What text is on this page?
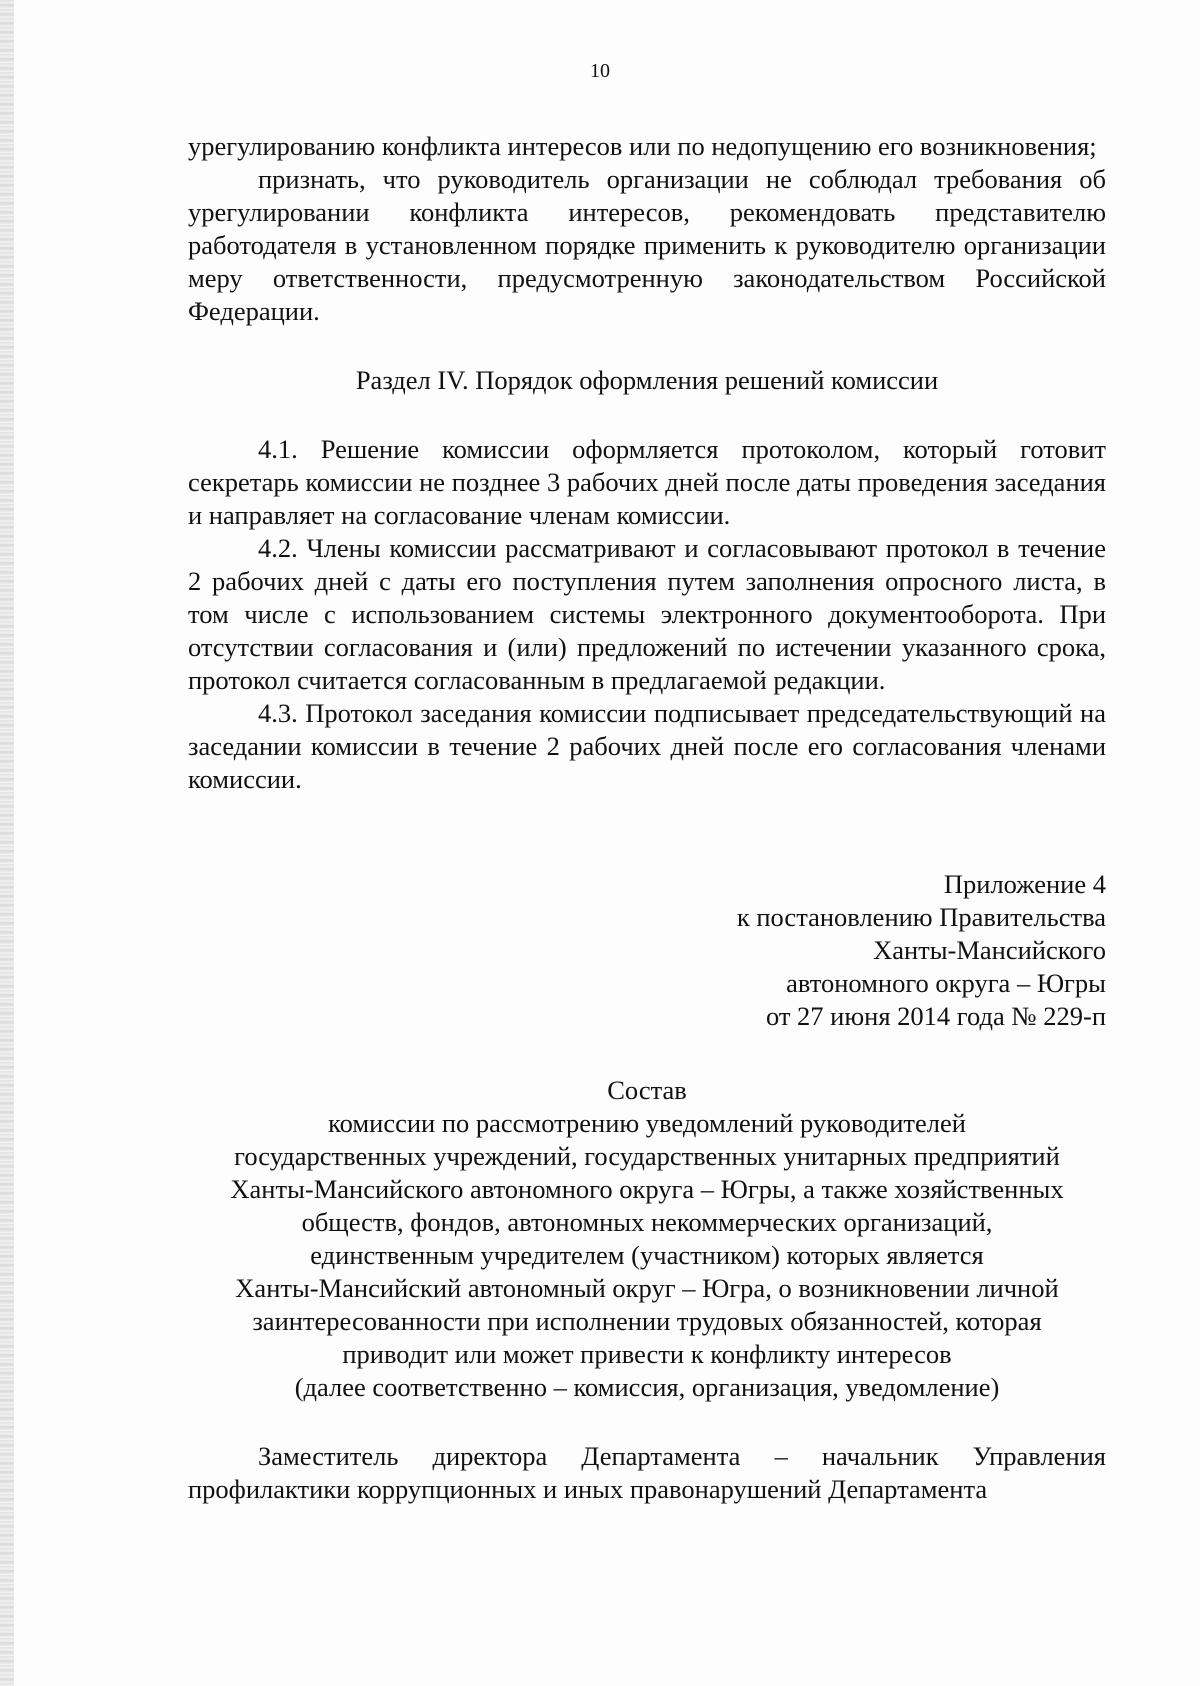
10

урегулированию конфликта интересов или по недопущению его возникновения;

признать, что руководитель организации не соблюдал требования об урегулировании конфликта интересов, рекомендовать представителю работодателя в установленном порядке применить к руководителю организации меру ответственности, предусмотренную законодательством Российской Федерации.

Раздел IV. Порядок оформления решений комиссии

4.1. Решение комиссии оформляется протоколом, который готовит секретарь комиссии не позднее 3 рабочих дней после даты проведения заседания и направляет на согласование членам комиссии.

4.2. Члены комиссии рассматривают и согласовывают протокол в течение 2 рабочих дней с даты его поступления путем заполнения опросного листа, в том числе с использованием системы электронного документооборота. При отсутствии согласования и (или) предложений по истечении указанного срока, протокол считается согласованным в предлагаемой редакции.

4.3. Протокол заседания комиссии подписывает председательствующий на заседании комиссии в течение 2 рабочих дней после его согласования членами комиссии.

Приложение 4
к постановлению Правительства
Ханты-Мансийского
автономного округа – Югры
от 27 июня 2014 года № 229-п
Состав
комиссии по рассмотрению уведомлений руководителей
государственных учреждений, государственных унитарных предприятий
Ханты-Мансийского автономного округа – Югры, а также хозяйственных
обществ, фондов, автономных некоммерческих организаций,
единственным учредителем (участником) которых является
Ханты-Мансийский автономный округ – Югра, о возникновении личной
заинтересованности при исполнении трудовых обязанностей, которая
приводит или может привести к конфликту интересов
(далее соответственно – комиссия, организация, уведомление)

Заместитель директора Департамента – начальник Управления профилактики коррупционных и иных правонарушений Департамента
